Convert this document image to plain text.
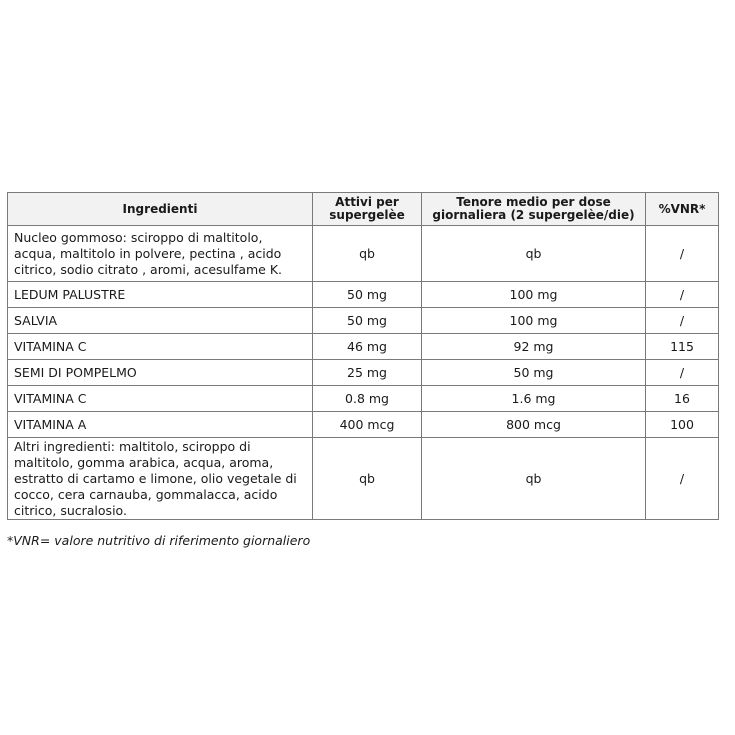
Ingredienti	Attivi per supergelèe	Tenore medio per dose giornaliera (2 supergelèe/die)	%VNR*
Nucleo gommoso: sciroppo di maltitolo, acqua, maltitolo in polvere, pectina , acido citrico, sodio citrato , aromi, acesulfame K.	qb	qb	/
LEDUM PALUSTRE	50 mg	100 mg	/
SALVIA	50 mg	100 mg	/
VITAMINA C	46 mg	92 mg	115
SEMI DI POMPELMO	25 mg	50 mg	/
VITAMINA C	0.8 mg	1.6 mg	16
VITAMINA A	400 mcg	800 mcg	100
Altri ingredienti: maltitolo, sciroppo di maltitolo, gomma arabica, acqua, aroma, estratto di cartamo e limone, olio vegetale di cocco, cera carnauba, gommalacca, acido citrico, sucralosio.	qb	qb	/
*VNR= valore nutritivo di riferimento giornaliero
